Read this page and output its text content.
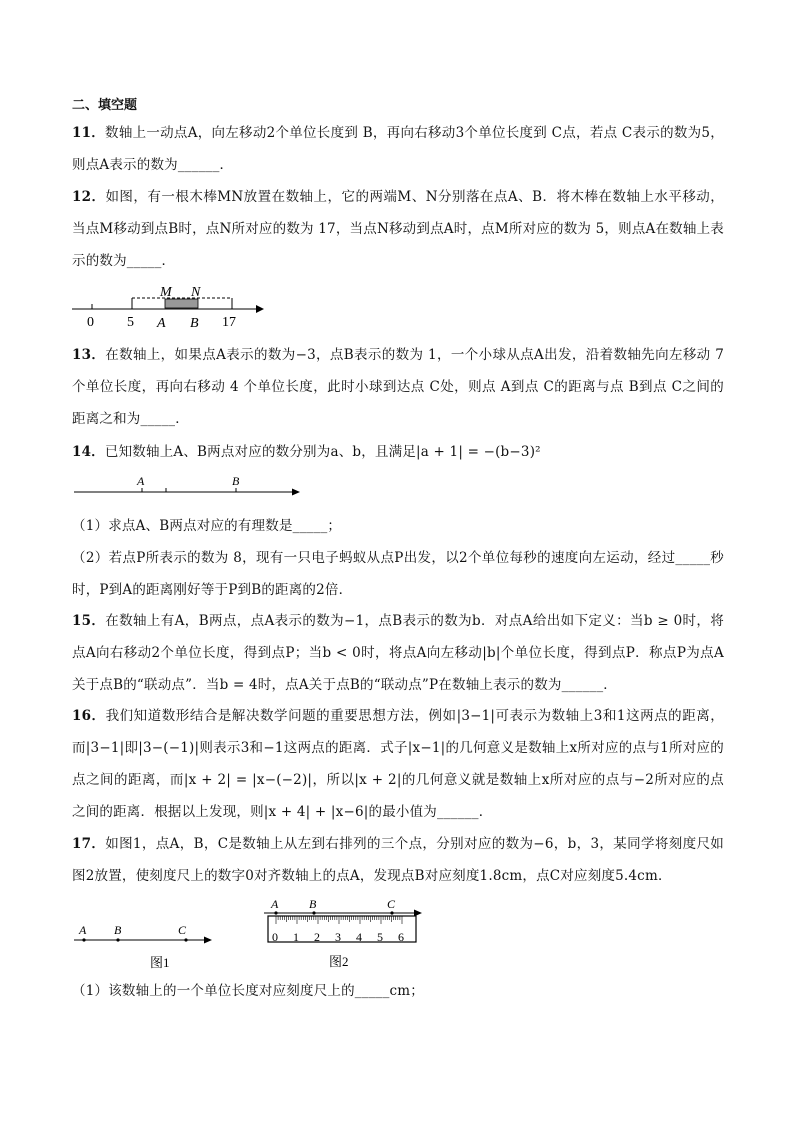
二、填空题
11．数轴上一动点A，向左移动2个单位长度到 B，再向右移动3个单位长度到 C点，若点 C表示的数为5，则点A表示的数为______．
12．如图，有一根木棒MN放置在数轴上，它的两端M、N分别落在点A、B．将木棒在数轴上水平移动，当点M移动到点B时，点N所对应的数为 17，当点N移动到点A时，点M所对应的数为 5，则点A在数轴上表示的数为_____．
M N
0 5 A B 17
13．在数轴上，如果点A表示的数为−3，点B表示的数为 1，一个小球从点A出发，沿着数轴先向左移动 7个单位长度，再向右移动 4 个单位长度，此时小球到达点 C处，则点 A到点 C的距离与点 B到点 C之间的距离之和为_____．
14．已知数轴上A、B两点对应的数分别为a、b，且满足|a + 1| = −(b−3)²
A	B
（1）求点A、B两点对应的有理数是_____；
（2）若点P所表示的数为 8，现有一只电子蚂蚁从点P出发，以2个单位每秒的速度向左运动，经过_____秒时，P到A的距离刚好等于P到B的距离的2倍．
15．在数轴上有A，B两点，点A表示的数为−1，点B表示的数为b．对点A给出如下定义：当b ≥ 0时，将点A向右移动2个单位长度，得到点P；当b < 0时，将点A向左移动|b|个单位长度，得到点P．称点P为点A关于点B的“联动点”．当b = 4时，点A关于点B的“联动点”P在数轴上表示的数为______．
16．我们知道数形结合是解决数学问题的重要思想方法，例如|3−1|可表示为数轴上3和1这两点的距离，而|3−1|即|3−(−1)|则表示3和−1这两点的距离．式子|x−1|的几何意义是数轴上x所对应的点与1所对应的点之间的距离，而|x + 2| = |x−(−2)|，所以|x + 2|的几何意义就是数轴上x所对应的点与−2所对应的点之间的距离．根据以上发现，则|x + 4| + |x−6|的最小值为______．
17．如图1，点A，B，C是数轴上从左到右排列的三个点，分别对应的数为−6，b，3，某同学将刻度尺如图2放置，使刻度尺上的数字0对齐数轴上的点A，发现点B对应刻度1.8cm，点C对应刻度5.4cm．
A B	C
图1
A	B	C
0 1 2 3 4 5 6
图2
（1）该数轴上的一个单位长度对应刻度尺上的_____cm；
